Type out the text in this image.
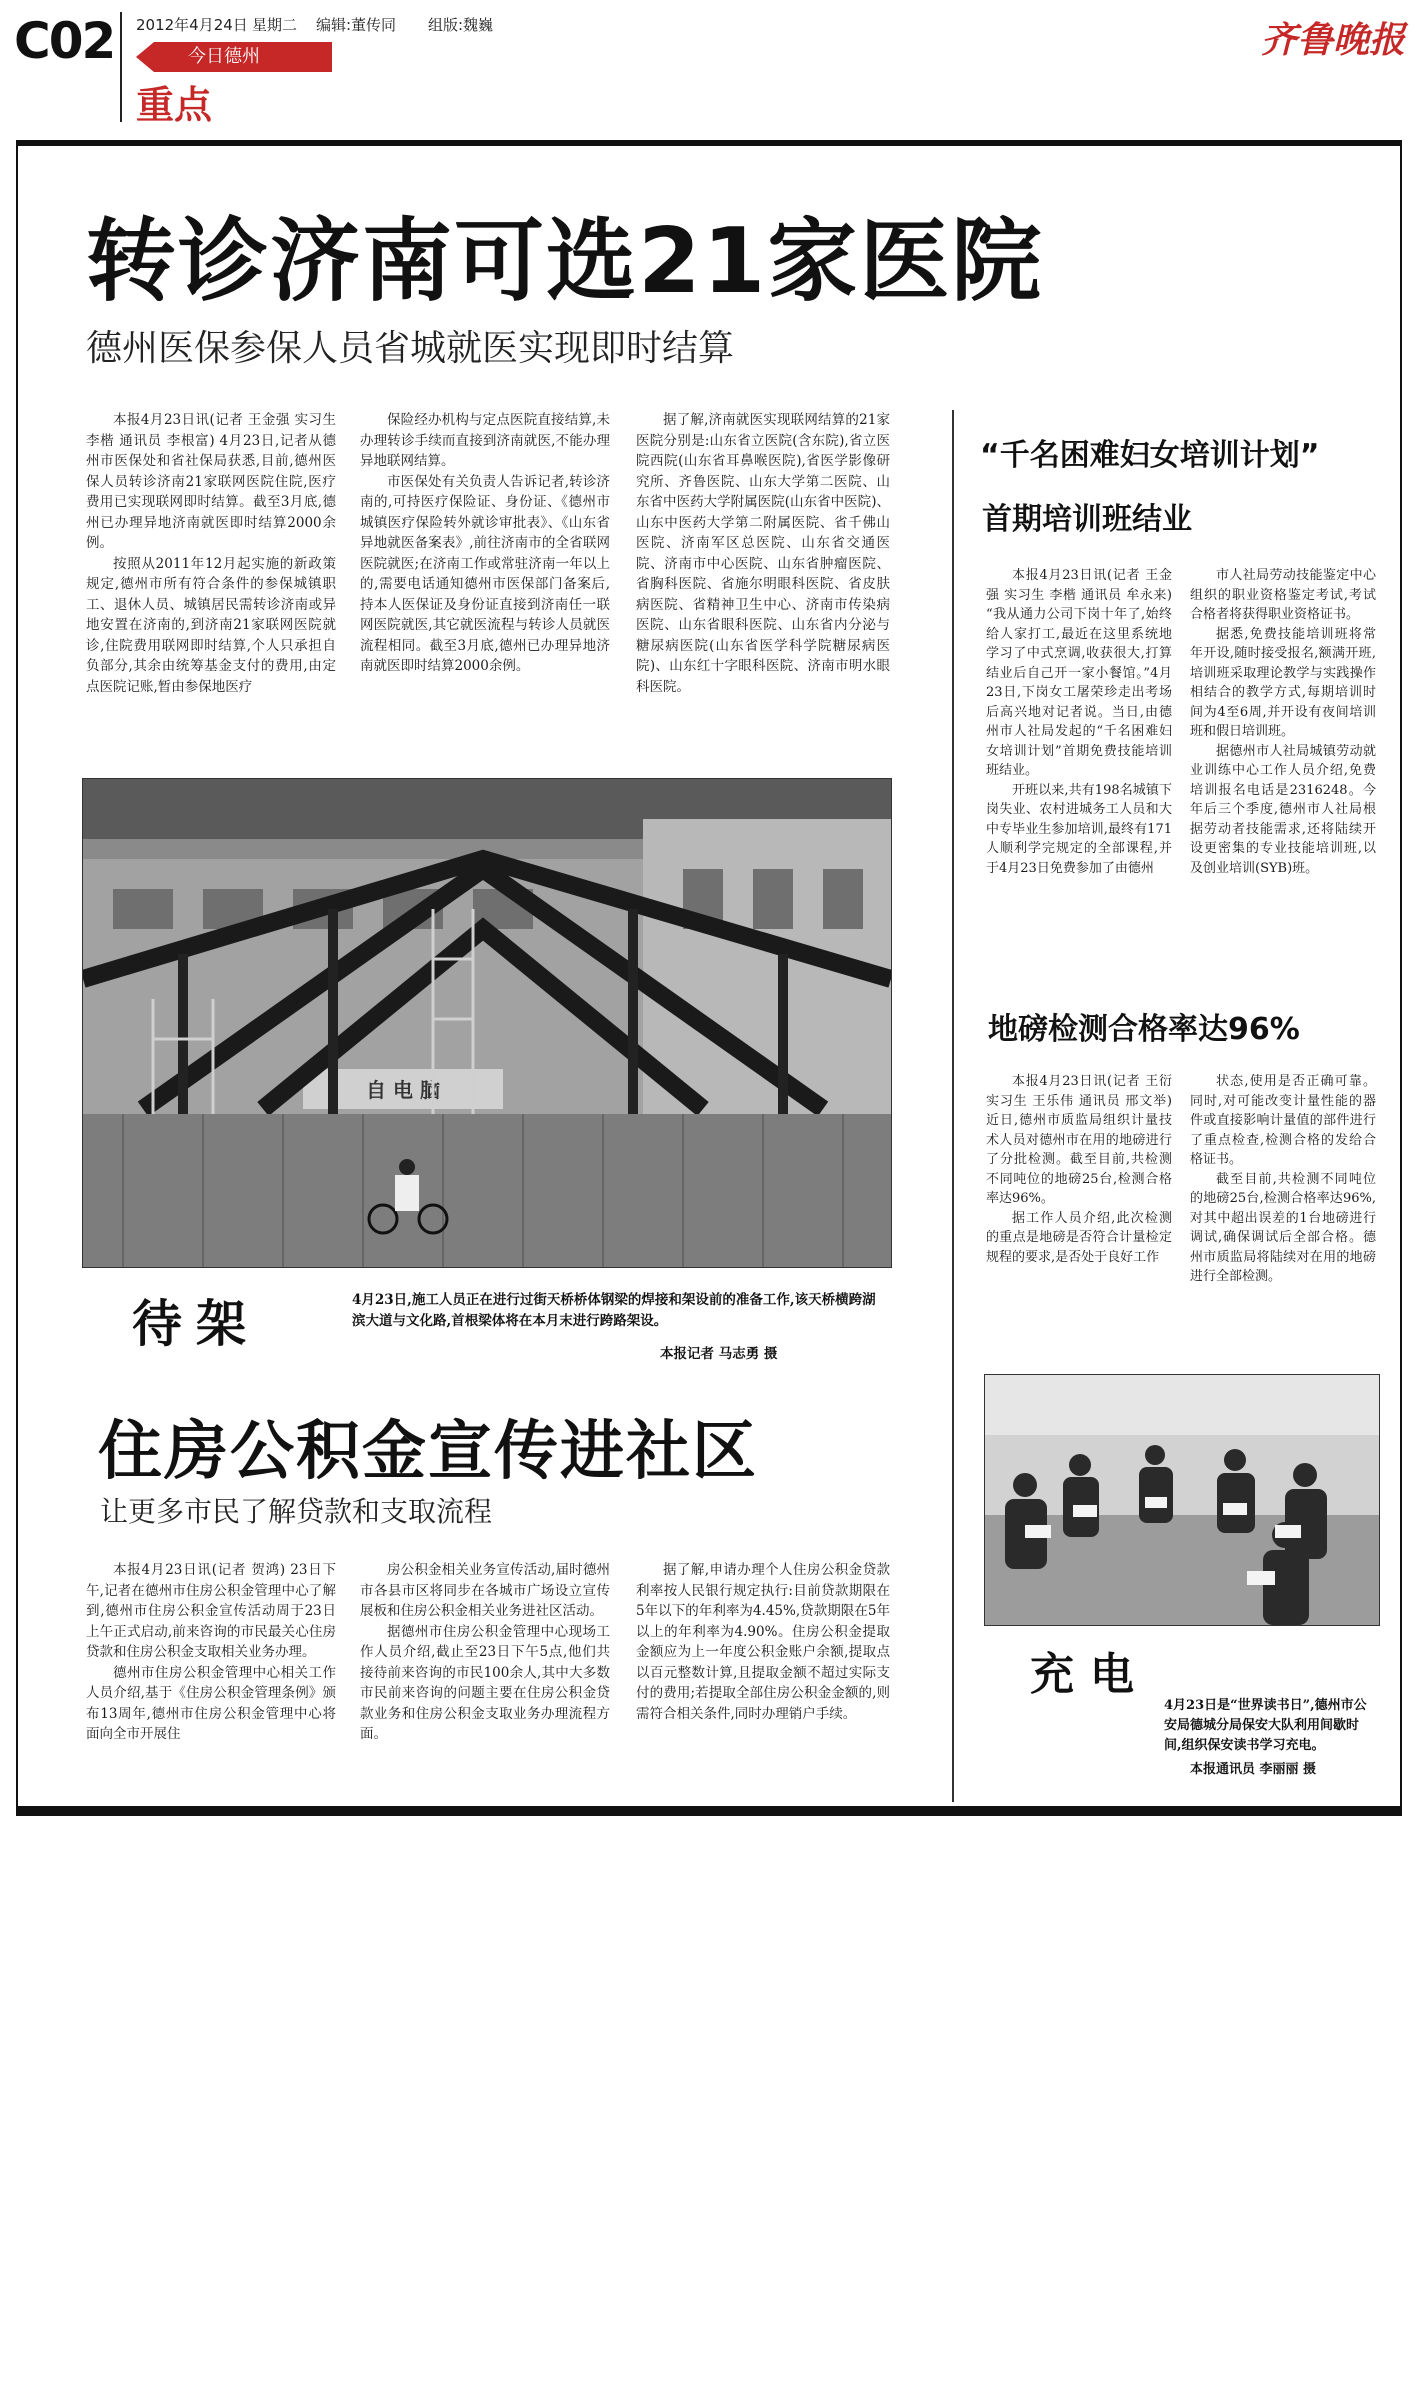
C02 2012年4月24日 星期二 编辑:董传同 组版:魏巍
今日德州
重点
齐鲁晚报
转诊济南可选21家医院
德州医保参保人员省城就医实现即时结算

本报4月23日讯(记者 王金强 实习生 李楷 通讯员 李根富) 4月23日,记者从德州市医保处和省社保局获悉,目前,德州医保人员转诊济南21家联网医院住院,医疗费用已实现联网即时结算。截至3月底,德州已办理异地济南就医即时结算2000余例。

按照从2011年12月起实施的新政策规定,德州市所有符合条件的参保城镇职工、退休人员、城镇居民需转诊济南或异地安置在济南的,到济南21家联网医院就诊,住院费用联网即时结算,个人只承担自负部分,其余由统筹基金支付的费用,由定点医院记账,暂由参保地医疗

保险经办机构与定点医院直接结算,未办理转诊手续而直接到济南就医,不能办理异地联网结算。

市医保处有关负责人告诉记者,转诊济南的,可持医疗保险证、身份证、《德州市城镇医疗保险转外就诊审批表》、《山东省异地就医备案表》,前往济南市的全省联网医院就医;在济南工作或常驻济南一年以上的,需要电话通知德州市医保部门备案后,持本人医保证及身份证直接到济南任一联网医院就医,其它就医流程与转诊人员就医流程相同。截至3月底,德州已办理异地济南就医即时结算2000余例。

据了解,济南就医实现联网结算的21家医院分别是:山东省立医院(含东院),省立医院西院(山东省耳鼻喉医院),省医学影像研究所、齐鲁医院、山东大学第二医院、山东省中医药大学附属医院(山东省中医院)、山东中医药大学第二附属医院、省千佛山医院、济南军区总医院、山东省交通医院、济南市中心医院、山东省肿瘤医院、省胸科医院、省施尔明眼科医院、省皮肤病医院、省精神卫生中心、济南市传染病医院、山东省眼科医院、山东省内分泌与糖尿病医院(山东省医学科学院糖尿病医院)、山东红十字眼科医院、济南市明水眼科医院。

自 电 脑
待架	4月23日,施工人员正在进行过街天桥桥体钢梁的焊接和架设前的准备工作,该天桥横跨湖滨大道与文化路,首根梁体将在本月末进行跨路架设。
本报记者 马志勇 摄
住房公积金宣传进社区
让更多市民了解贷款和支取流程

本报4月23日讯(记者 贺鸿) 23日下午,记者在德州市住房公积金管理中心了解到,德州市住房公积金宣传活动周于23日上午正式启动,前来咨询的市民最关心住房贷款和住房公积金支取相关业务办理。

德州市住房公积金管理中心相关工作人员介绍,基于《住房公积金管理条例》颁布13周年,德州市住房公积金管理中心将面向全市开展住

房公积金相关业务宣传活动,届时德州市各县市区将同步在各城市广场设立宣传展板和住房公积金相关业务进社区活动。

据德州市住房公积金管理中心现场工作人员介绍,截止至23日下午5点,他们共接待前来咨询的市民100余人,其中大多数市民前来咨询的问题主要在住房公积金贷款业务和住房公积金支取业务办理流程方面。

据了解,申请办理个人住房公积金贷款利率按人民银行规定执行:目前贷款期限在5年以下的年利率为4.45%,贷款期限在5年以上的年利率为4.90%。住房公积金提取金额应为上一年度公积金账户余额,提取点以百元整数计算,且提取金额不超过实际支付的费用;若提取全部住房公积金金额的,则需符合相关条件,同时办理销户手续。

“千名困难妇女培训计划”
首期培训班结业

本报4月23日讯(记者 王金强 实习生 李楷 通讯员 牟永来) “我从通力公司下岗十年了,始终给人家打工,最近在这里系统地学习了中式烹调,收获很大,打算结业后自己开一家小餐馆。”4月23日,下岗女工屠荣珍走出考场后高兴地对记者说。当日,由德州市人社局发起的“千名困难妇女培训计划”首期免费技能培训班结业。

开班以来,共有198名城镇下岗失业、农村进城务工人员和大中专毕业生参加培训,最终有171人顺利学完规定的全部课程,并于4月23日免费参加了由德州

市人社局劳动技能鉴定中心组织的职业资格鉴定考试,考试合格者将获得职业资格证书。

据悉,免费技能培训班将常年开设,随时接受报名,额满开班,培训班采取理论教学与实践操作相结合的教学方式,每期培训时间为4至6周,并开设有夜间培训班和假日培训班。

据德州市人社局城镇劳动就业训练中心工作人员介绍,免费培训报名电话是2316248。今年后三个季度,德州市人社局根据劳动者技能需求,还将陆续开设更密集的专业技能培训班,以及创业培训(SYB)班。

地磅检测合格率达96%

本报4月23日讯(记者 王衍 实习生 王乐伟 通讯员 邢文举) 近日,德州市质监局组织计量技术人员对德州市在用的地磅进行了分批检测。截至目前,共检测不同吨位的地磅25台,检测合格率达96%。

据工作人员介绍,此次检测的重点是地磅是否符合计量检定规程的要求,是否处于良好工作

状态,使用是否正确可靠。同时,对可能改变计量性能的器件或直接影响计量值的部件进行了重点检查,检测合格的发给合格证书。

截至目前,共检测不同吨位的地磅25台,检测合格率达96%,对其中超出误差的1台地磅进行调试,确保调试后全部合格。德州市质监局将陆续对在用的地磅进行全部检测。

充电
4月23日是“世界读书日”,德州市公安局德城分局保安大队利用间歇时间,组织保安读书学习充电。
本报通讯员 李丽丽 摄
